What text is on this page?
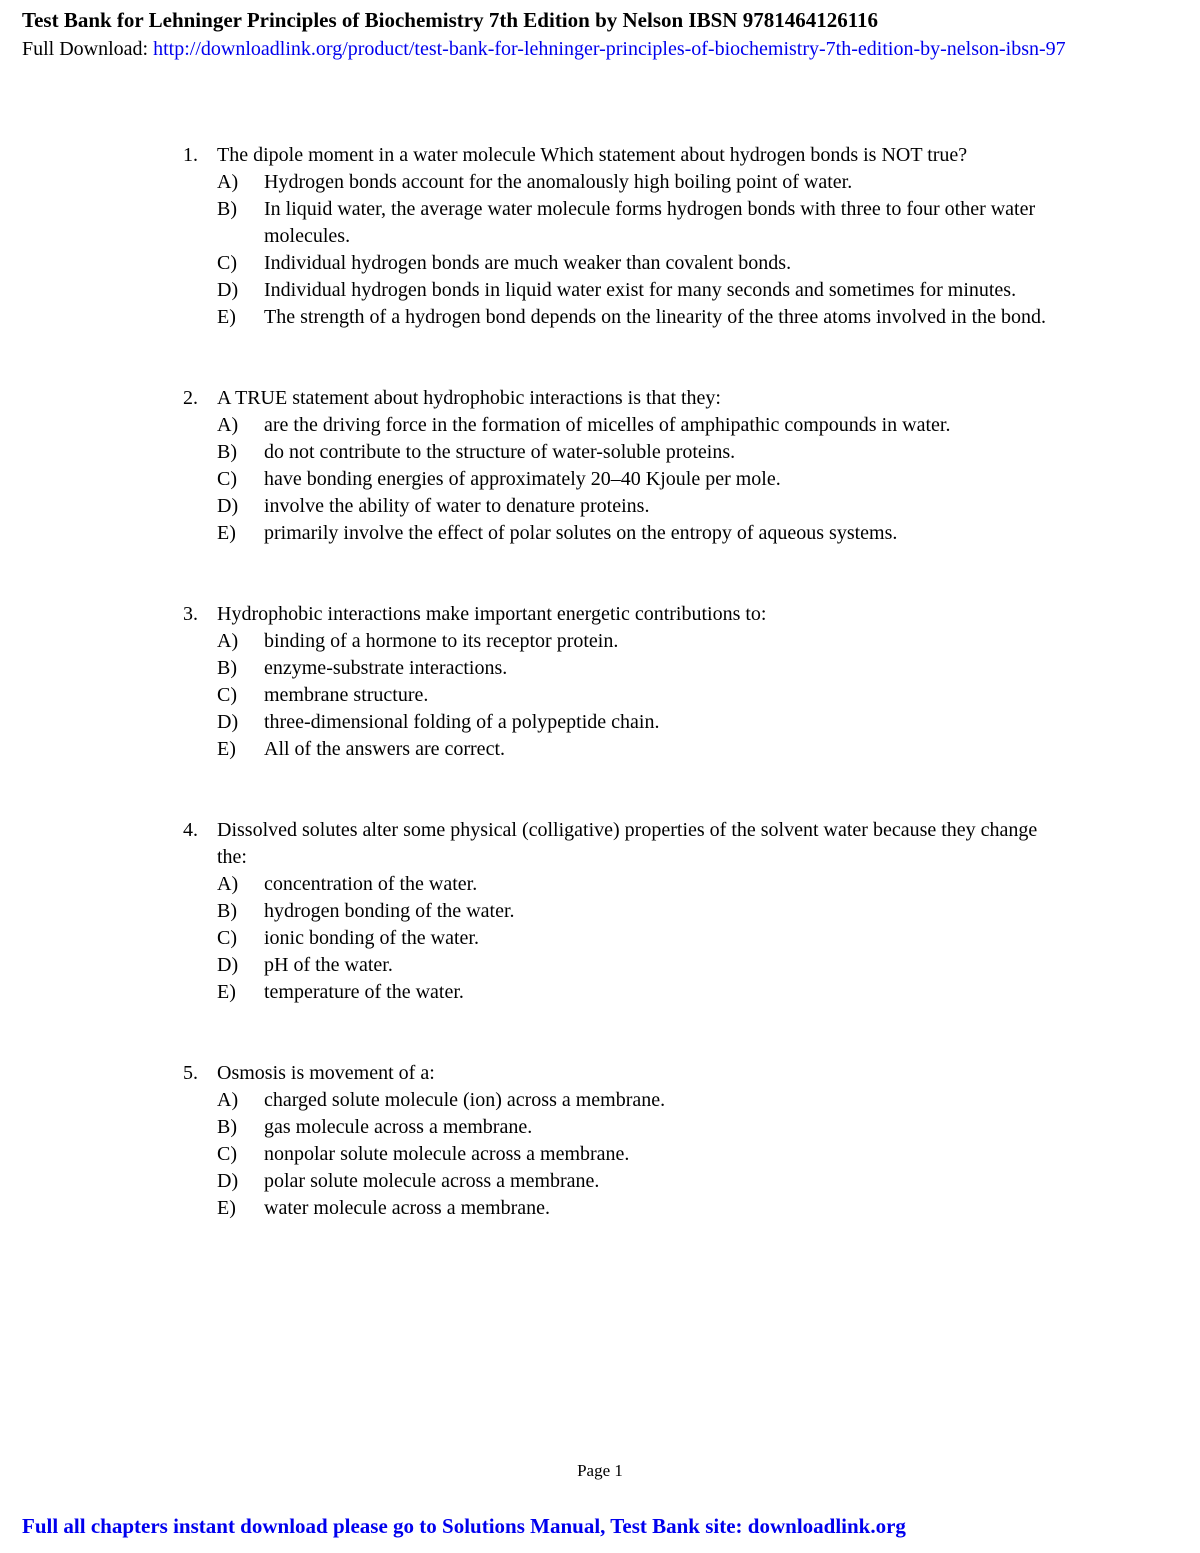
Test Bank for Lehninger Principles of Biochemistry 7th Edition by Nelson IBSN 9781464126116
Full Download: http://downloadlink.org/product/test-bank-for-lehninger-principles-of-biochemistry-7th-edition-by-nelson-ibsn-97
1. The dipole moment in a water molecule Which statement about hydrogen bonds is NOT true?
A)	Hydrogen bonds account for the anomalously high boiling point of water.
B)	In liquid water, the average water molecule forms hydrogen bonds with three to four other water molecules.
C)	Individual hydrogen bonds are much weaker than covalent bonds.
D)	Individual hydrogen bonds in liquid water exist for many seconds and sometimes for minutes.
E)	The strength of a hydrogen bond depends on the linearity of the three atoms involved in the bond.
2. A TRUE statement about hydrophobic interactions is that they:
A)	are the driving force in the formation of micelles of amphipathic compounds in water.
B)	do not contribute to the structure of water-soluble proteins.
C)	have bonding energies of approximately 20–40 Kjoule per mole.
D)	involve the ability of water to denature proteins.
E)	primarily involve the effect of polar solutes on the entropy of aqueous systems.
3. Hydrophobic interactions make important energetic contributions to:
A)	binding of a hormone to its receptor protein.
B)	enzyme-substrate interactions.
C)	membrane structure.
D)	three-dimensional folding of a polypeptide chain.
E)	All of the answers are correct.
4. Dissolved solutes alter some physical (colligative) properties of the solvent water because they change the:
A)	concentration of the water.
B)	hydrogen bonding of the water.
C)	ionic bonding of the water.
D)	pH of the water.
E)	temperature of the water.
5. Osmosis is movement of a:
A)	charged solute molecule (ion) across a membrane.
B)	gas molecule across a membrane.
C)	nonpolar solute molecule across a membrane.
D)	polar solute molecule across a membrane.
E)	water molecule across a membrane.
Page 1
Full all chapters instant download please go to Solutions Manual, Test Bank site: downloadlink.org
